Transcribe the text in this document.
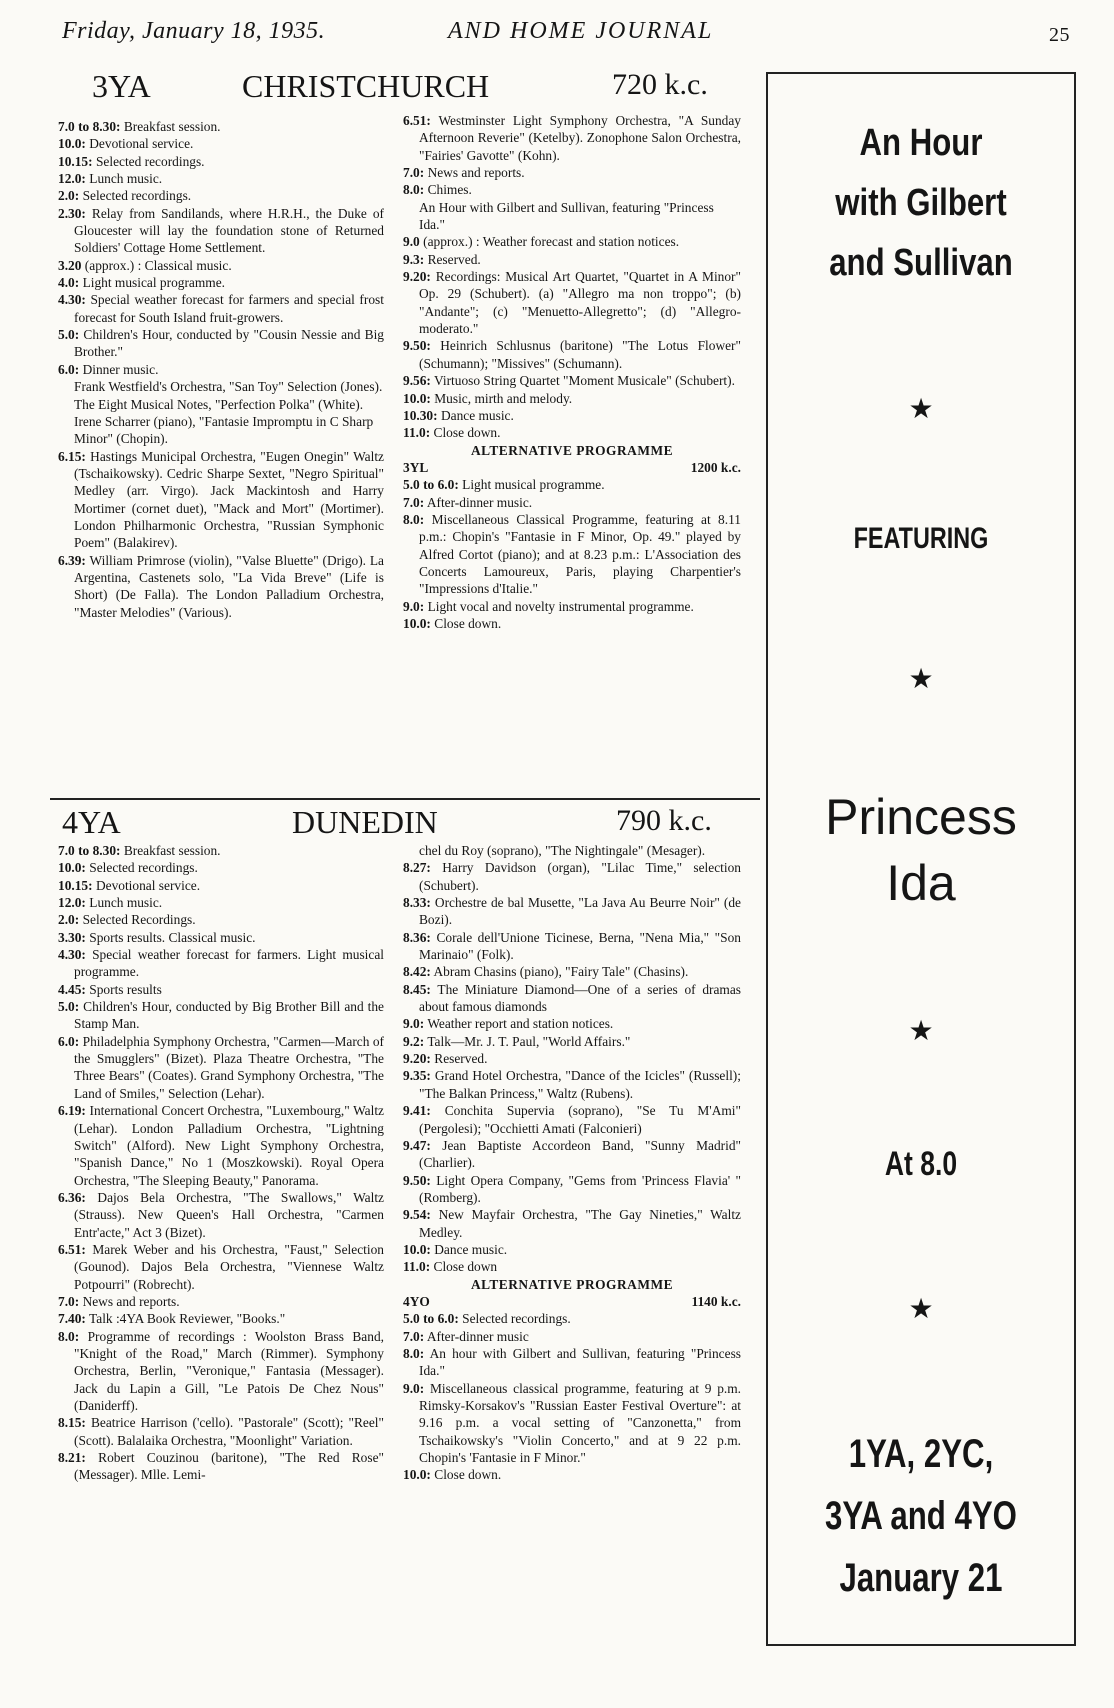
Friday, January 18, 1935.	AND HOME JOURNAL	25
3YA	CHRISTCHURCH	720 k.c.

7.0 to 8.30: Breakfast session.

10.0: Devotional service.

10.15: Selected recordings.

12.0: Lunch music.

2.0: Selected recordings.

2.30: Relay from Sandilands, where H.R.H., the Duke of Gloucester will lay the foundation stone of Returned Soldiers' Cottage Home Settlement.

3.20 (approx.) : Classical music.

4.0: Light musical programme.

4.30: Special weather forecast for farmers and special frost forecast for South Island fruit-growers.

5.0: Children's Hour, conducted by "Cousin Nessie and Big Brother."

6.0: Dinner music.

Frank Westfield's Orchestra, "San Toy" Selection (Jones). The Eight Musical Notes, "Perfection Polka" (White). Irene Scharrer (piano), "Fantasie Impromptu in C Sharp Minor" (Chopin).

6.15: Hastings Municipal Orchestra, "Eugen Onegin" Waltz (Tschaikowsky). Cedric Sharpe Sextet, "Negro Spiritual" Medley (arr. Virgo). Jack Mackintosh and Harry Mortimer (cornet duet), "Mack and Mort" (Mortimer). London Philharmonic Orchestra, "Russian Symphonic Poem" (Balakirev).

6.39: William Primrose (violin), "Valse Bluette" (Drigo). La Argentina, Castenets solo, "La Vida Breve" (Life is Short) (De Falla). The London Palladium Orchestra, "Master Melodies" (Various).

6.51: Westminster Light Symphony Orchestra, "A Sunday Afternoon Reverie" (Ketelby). Zonophone Salon Orchestra, "Fairies' Gavotte" (Kohn).

7.0: News and reports.

8.0: Chimes.

An Hour with Gilbert and Sullivan, featuring "Princess Ida."

9.0 (approx.) : Weather forecast and station notices.

9.3: Reserved.

9.20: Recordings: Musical Art Quartet, "Quartet in A Minor" Op. 29 (Schubert). (a) "Allegro ma non troppo"; (b) "Andante"; (c) "Menuetto-Allegretto"; (d) "Allegro-moderato."

9.50: Heinrich Schlusnus (baritone) "The Lotus Flower" (Schumann); "Missives" (Schumann).

9.56: Virtuoso String Quartet "Moment Musicale" (Schubert).

10.0: Music, mirth and melody.

10.30: Dance music.

11.0: Close down.

ALTERNATIVE PROGRAMME

3YL	1200 k.c.

5.0 to 6.0: Light musical programme.

7.0: After-dinner music.

8.0: Miscellaneous Classical Programme, featuring at 8.11 p.m.: Chopin's "Fantasie in F Minor, Op. 49." played by Alfred Cortot (piano); and at 8.23 p.m.: L'Association des Concerts Lamoureux, Paris, playing Charpentier's "Impressions d'Italie."

9.0: Light vocal and novelty instrumental programme.

10.0: Close down.

4YA	DUNEDIN	790 k.c.

7.0 to 8.30: Breakfast session.

10.0: Selected recordings.

10.15: Devotional service.

12.0: Lunch music.

2.0: Selected Recordings.

3.30: Sports results. Classical music.

4.30: Special weather forecast for farmers. Light musical programme.

4.45: Sports results

5.0: Children's Hour, conducted by Big Brother Bill and the Stamp Man.

6.0: Philadelphia Symphony Orchestra, "Carmen—March of the Smugglers" (Bizet). Plaza Theatre Orchestra, "The Three Bears" (Coates). Grand Symphony Orchestra, "The Land of Smiles," Selection (Lehar).

6.19: International Concert Orchestra, "Luxembourg," Waltz (Lehar). London Palladium Orchestra, "Lightning Switch" (Alford). New Light Symphony Orchestra, "Spanish Dance," No 1 (Moszkowski). Royal Opera Orchestra, "The Sleeping Beauty," Panorama.

6.36: Dajos Bela Orchestra, "The Swallows," Waltz (Strauss). New Queen's Hall Orchestra, "Carmen Entr'acte," Act 3 (Bizet).

6.51: Marek Weber and his Orchestra, "Faust," Selection (Gounod). Dajos Bela Orchestra, "Viennese Waltz Potpourri" (Robrecht).

7.0: News and reports.

7.40: Talk :4YA Book Reviewer, "Books."

8.0: Programme of recordings : Woolston Brass Band, "Knight of the Road," March (Rimmer). Symphony Orchestra, Berlin, "Veronique," Fantasia (Messager). Jack du Lapin a Gill, "Le Patois De Chez Nous" (Daniderff).

8.15: Beatrice Harrison ('cello). "Pastorale" (Scott); "Reel" (Scott). Balalaika Orchestra, "Moonlight" Variation.

8.21: Robert Couzinou (baritone), "The Red Rose" (Messager). Mlle. Lemi-

chel du Roy (soprano), "The Nightingale" (Mesager).

8.27: Harry Davidson (organ), "Lilac Time," selection (Schubert).

8.33: Orchestre de bal Musette, "La Java Au Beurre Noir" (de Bozi).

8.36: Corale dell'Unione Ticinese, Berna, "Nena Mia," "Son Marinaio" (Folk).

8.42: Abram Chasins (piano), "Fairy Tale" (Chasins).

8.45: The Miniature Diamond—One of a series of dramas about famous diamonds

9.0: Weather report and station notices.

9.2: Talk—Mr. J. T. Paul, "World Affairs."

9.20: Reserved.

9.35: Grand Hotel Orchestra, "Dance of the Icicles" (Russell); "The Balkan Princess," Waltz (Rubens).

9.41: Conchita Supervia (soprano), "Se Tu M'Ami" (Pergolesi); "Occhietti Amati (Falconieri)

9.47: Jean Baptiste Accordeon Band, "Sunny Madrid" (Charlier).

9.50: Light Opera Company, "Gems from 'Princess Flavia' " (Romberg).

9.54: New Mayfair Orchestra, "The Gay Nineties," Waltz Medley.

10.0: Dance music.

11.0: Close down

ALTERNATIVE PROGRAMME

4YO	1140 k.c.

5.0 to 6.0: Selected recordings.

7.0: After-dinner music

8.0: An hour with Gilbert and Sullivan, featuring "Princess Ida."

9.0: Miscellaneous classical programme, featuring at 9 p.m. Rimsky-Korsakov's "Russian Easter Festival Overture": at 9.16 p.m. a vocal setting of "Canzonetta," from Tschaikowsky's "Violin Concerto," and at 9 22 p.m. Chopin's 'Fantasie in F Minor."

10.0: Close down.

An Hour
with Gilbert
and Sullivan
★
FEATURING
★
Princess
Ida
★
At 8.0
★
1YA, 2YC,
3YA and 4YO
January 21
